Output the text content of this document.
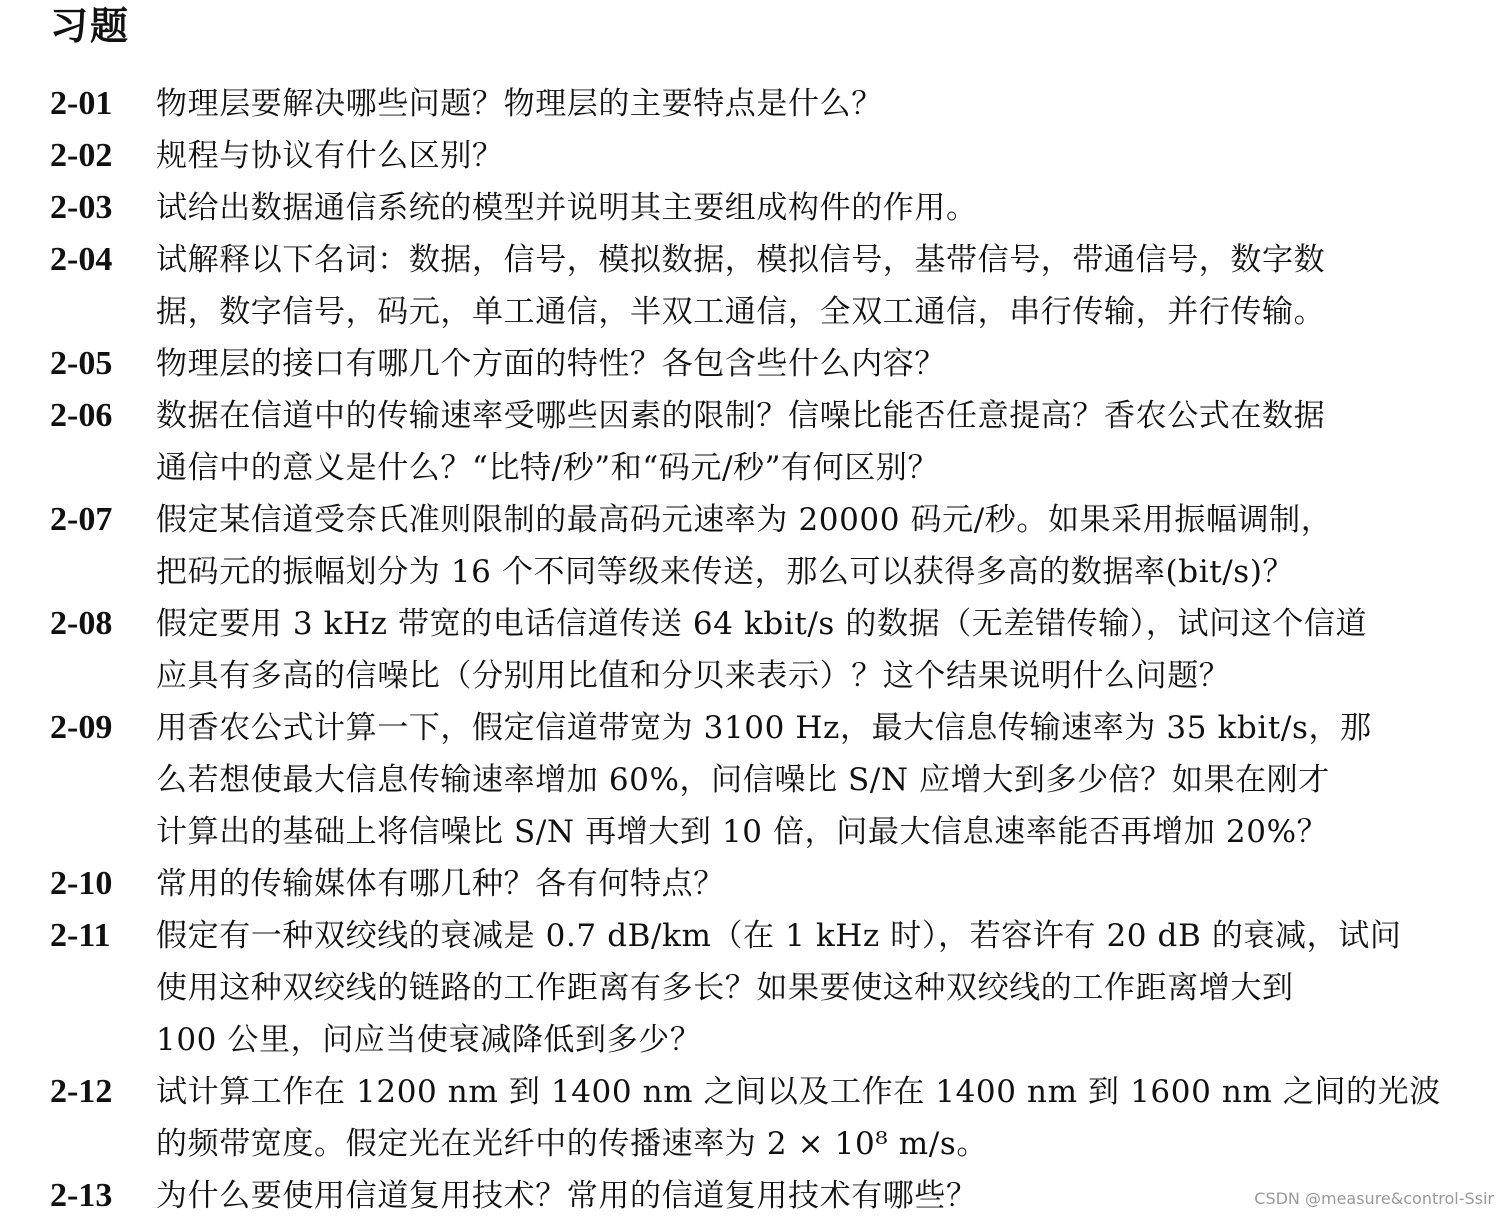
习题
2-01	物理层要解决哪些问题？物理层的主要特点是什么？
2-02	规程与协议有什么区别？
2-03	试给出数据通信系统的模型并说明其主要组成构件的作用。
2-04	试解释以下名词：数据，信号，模拟数据，模拟信号，基带信号，带通信号，数字数
据，数字信号，码元，单工通信，半双工通信，全双工通信，串行传输，并行传输。
2-05	物理层的接口有哪几个方面的特性？各包含些什么内容？
2-06	数据在信道中的传输速率受哪些因素的限制？信噪比能否任意提高？香农公式在数据
通信中的意义是什么？“比特/秒”和“码元/秒”有何区别？
2-07	假定某信道受奈氏准则限制的最高码元速率为 20000 码元/秒。如果采用振幅调制，
把码元的振幅划分为 16 个不同等级来传送，那么可以获得多高的数据率(bit/s)？
2-08	假定要用 3 kHz 带宽的电话信道传送 64 kbit/s 的数据（无差错传输），试问这个信道
应具有多高的信噪比（分别用比值和分贝来表示）？这个结果说明什么问题？
2-09	用香农公式计算一下，假定信道带宽为 3100 Hz，最大信息传输速率为 35 kbit/s，那
么若想使最大信息传输速率增加 60%，问信噪比 S/N 应增大到多少倍？如果在刚才
计算出的基础上将信噪比 S/N 再增大到 10 倍，问最大信息速率能否再增加 20%？
2-10	常用的传输媒体有哪几种？各有何特点？
2-11	假定有一种双绞线的衰减是 0.7 dB/km（在 1 kHz 时），若容许有 20 dB 的衰减，试问
使用这种双绞线的链路的工作距离有多长？如果要使这种双绞线的工作距离增大到
100 公里，问应当使衰减降低到多少？
2-12	试计算工作在 1200 nm 到 1400 nm 之间以及工作在 1400 nm 到 1600 nm 之间的光波
的频带宽度。假定光在光纤中的传播速率为 2 × 10⁸ m/s。
2-13	为什么要使用信道复用技术？常用的信道复用技术有哪些？	CSDN @measure&control-Ssir
